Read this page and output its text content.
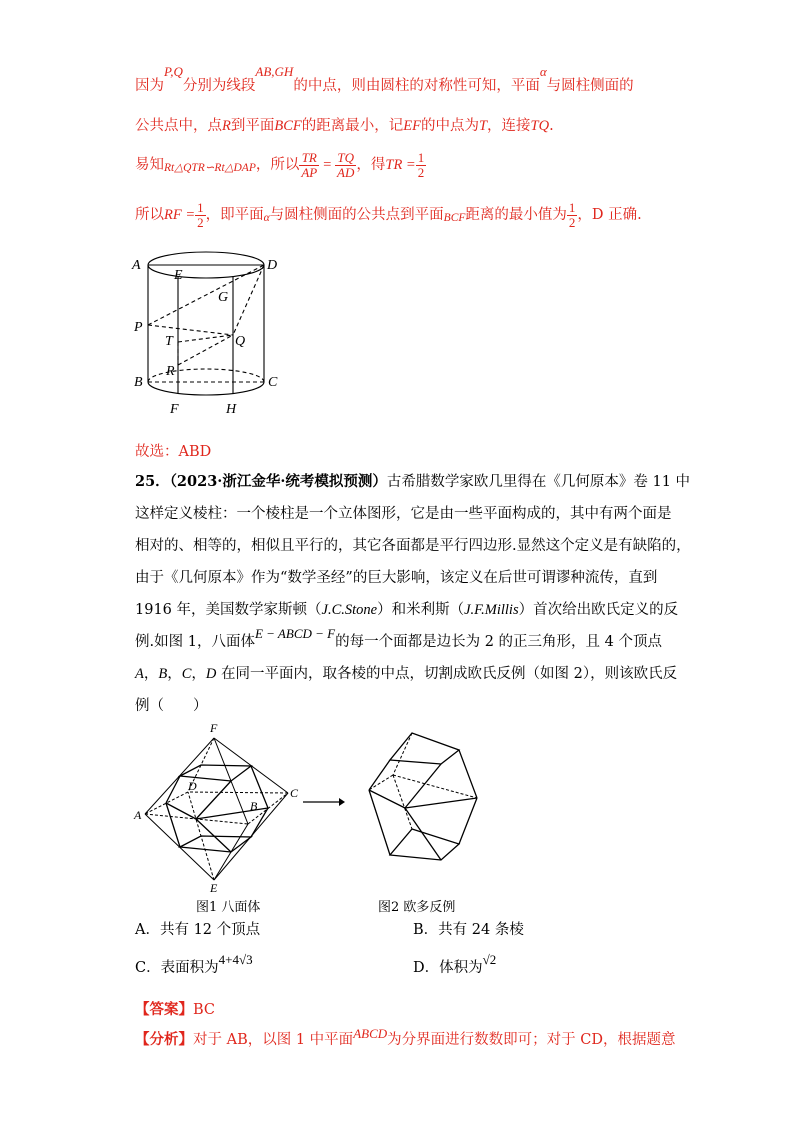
因为P,Q分别为线段AB,GH的中点，则由圆柱的对称性可知，平面α与圆柱侧面的
公共点中，点R到平面BCF的距离最小，记EF的中点为T，连接TQ.
易知Rt△QTR∽Rt△DAP，所以 $\frac{TR}{AP} = \frac{TQ}{AD}$ ，得TR = $\frac{1}{2}$
所以RF = $\frac{1}{2}$ ，即平面α与圆柱侧面的公共点到平面BCF距离的最小值为 $\frac{1}{2}$ ，D 正确.
A
E
D
G
P
T	Q
B
R
C
F	H
故选：ABD
25．（2023·浙江金华·统考模拟预测）古希腊数学家欧几里得在《几何原本》卷 11 中
这样定义棱柱：一个棱柱是一个立体图形，它是由一些平面构成的，其中有两个面是
相对的、相等的，相似且平行的，其它各面都是平行四边形.显然这个定义是有缺陷的，
由于《几何原本》作为“数学圣经”的巨大影响，该定义在后世可谓谬种流传，直到
1916 年，美国数学家斯顿（J.C.Stone）和米利斯（J.F.Millis）首次给出欧氏定义的反
例.如图 1，八面体E − ABCD − F的每一个面都是边长为 2 的正三角形，且 4 个顶点
A，B，C，D 在同一平面内，取各棱的中点，切割成欧氏反例（如图 2），则该欧氏反
例（　　）
F
D	C
A
B
E
图1 八面体	图2 欧多反例
A．共有 12 个顶点	B．共有 24 条棱
C．表面积为4+4√3
D．体积为√2
【答案】BC
【分析】对于 AB，以图 1 中平面ABCD为分界面进行数数即可；对于 CD，根据题意
